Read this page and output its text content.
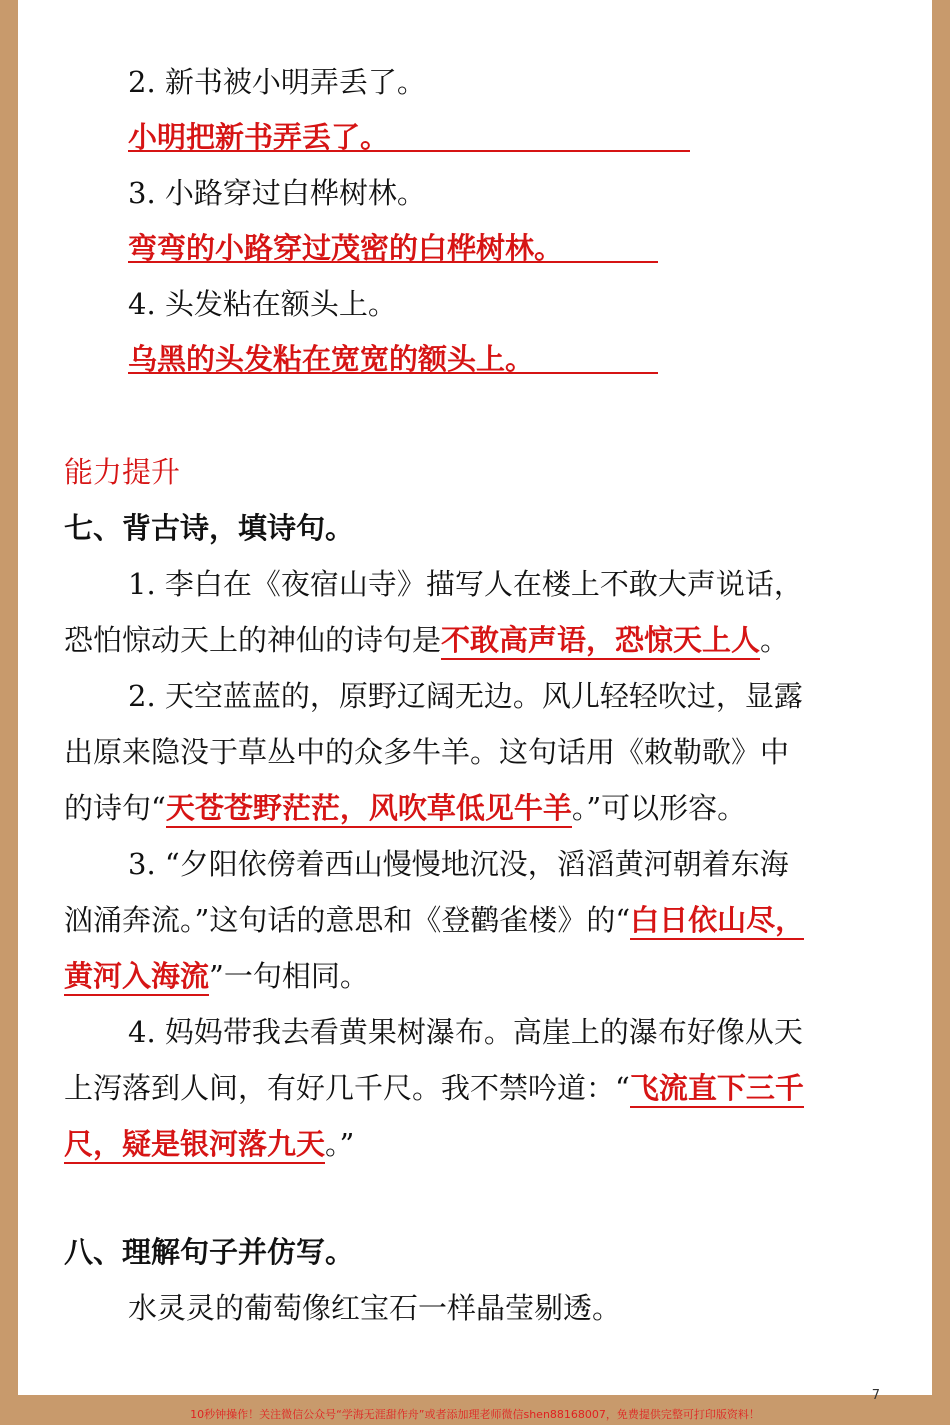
2. 新书被小明弄丢了。
小明把新书弄丢了。
3. 小路穿过白桦树林。
弯弯的小路穿过茂密的白桦树林。
4. 头发粘在额头上。
乌黑的头发粘在宽宽的额头上。
能力提升
七、背古诗，填诗句。
1. 李白在《夜宿山寺》描写人在楼上不敢大声说话，
恐怕惊动天上的神仙的诗句是不敢高声语，恐惊天上人。
2. 天空蓝蓝的，原野辽阔无边。风儿轻轻吹过，显露
出原来隐没于草丛中的众多牛羊。这句话用《敕勒歌》中
的诗句“天苍苍野茫茫，风吹草低见牛羊。”可以形容。
3. “夕阳依傍着西山慢慢地沉没，滔滔黄河朝着东海
汹涌奔流。”这句话的意思和《登鹳雀楼》的“白日依山尽，
黄河入海流”一句相同。
4. 妈妈带我去看黄果树瀑布。高崖上的瀑布好像从天
上泻落到人间，有好几千尺。我不禁吟道：“飞流直下三千
尺，疑是银河落九天。”
八、理解句子并仿写。
水灵灵的葡萄像红宝石一样晶莹剔透。
7
10秒钟操作！关注微信公众号“学海无涯甜作舟”或者添加理老师微信shen88168007，免费提供完整可打印版资料！
